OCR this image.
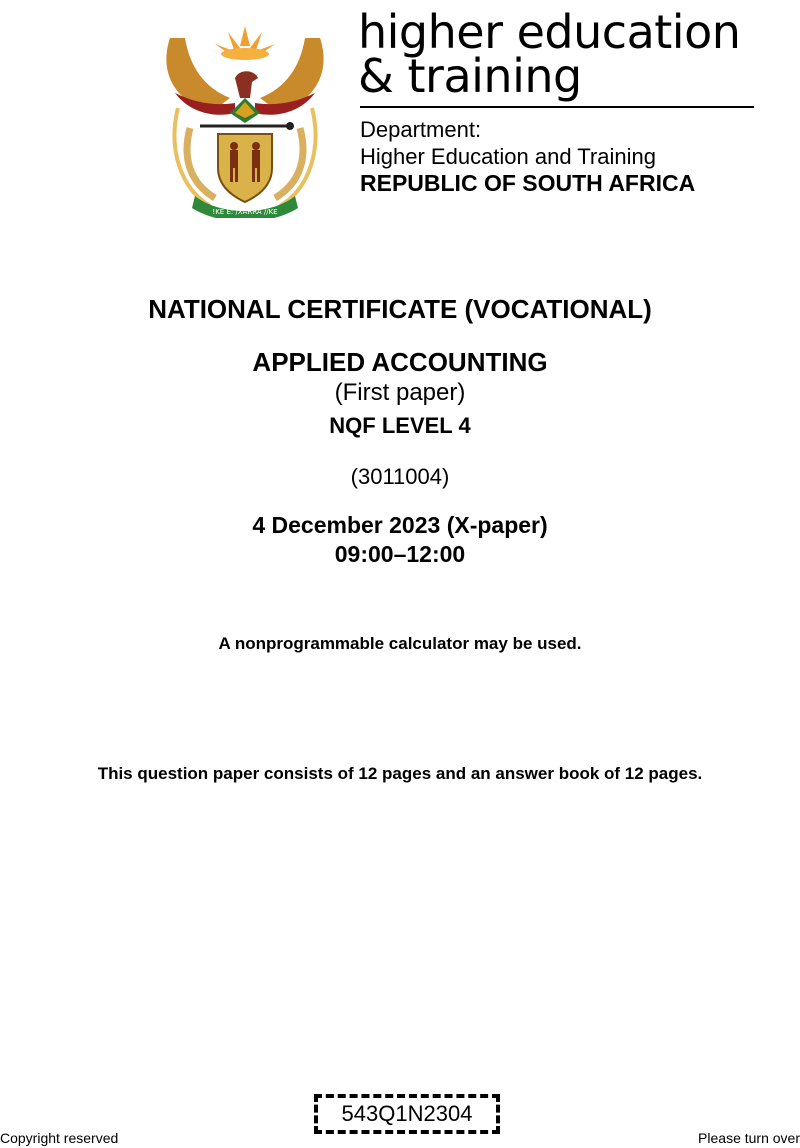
!KE E: /XARRA //KE
higher education
& training
Department:
Higher Education and Training
REPUBLIC OF SOUTH AFRICA
NATIONAL CERTIFICATE (VOCATIONAL)
APPLIED ACCOUNTING
(First paper)
NQF LEVEL 4
(3011004)
4 December 2023 (X-paper)
09:00–12:00
A nonprogrammable calculator may be used.
This question paper consists of 12 pages and an answer book of 12 pages.
543Q1N2304
Copyright reserved	Please turn over
